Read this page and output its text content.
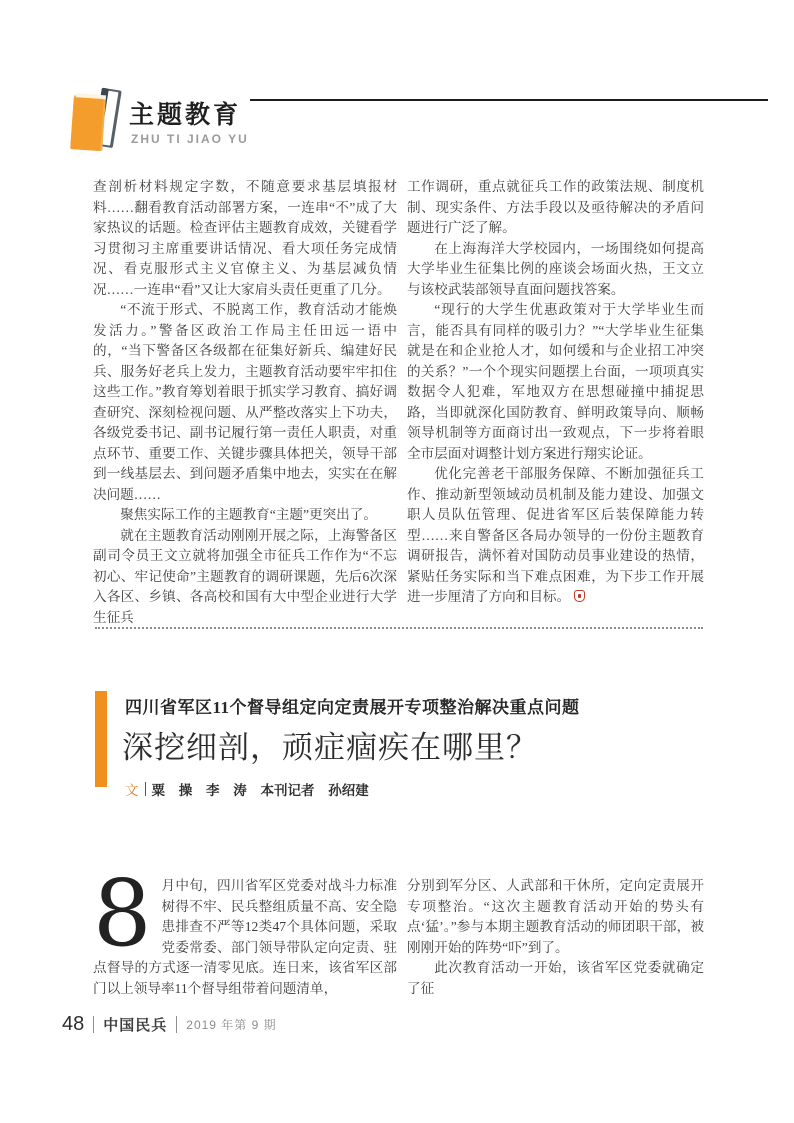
主题教育
ZHU TI JIAO YU

查剖析材料规定字数，不随意要求基层填报材料……翻看教育活动部署方案，一连串“不”成了大家热议的话题。检查评估主题教育成效，关键看学习贯彻习主席重要讲话情况、看大项任务完成情况、看克服形式主义官僚主义、为基层减负情况……一连串“看”又让大家肩头责任更重了几分。

“不流于形式、不脱离工作，教育活动才能焕发活力。”警备区政治工作局主任田远一语中的，“当下警备区各级都在征集好新兵、编建好民兵、服务好老兵上发力，主题教育活动要牢牢扣住这些工作。”教育筹划着眼于抓实学习教育、搞好调查研究、深刻检视问题、从严整改落实上下功夫，各级党委书记、副书记履行第一责任人职责，对重点环节、重要工作、关键步骤具体把关，领导干部到一线基层去、到问题矛盾集中地去，实实在在解决问题……

聚焦实际工作的主题教育“主题”更突出了。

就在主题教育活动刚刚开展之际，上海警备区副司令员王文立就将加强全市征兵工作作为“不忘初心、牢记使命”主题教育的调研课题，先后6次深入各区、乡镇、各高校和国有大中型企业进行大学生征兵

工作调研，重点就征兵工作的政策法规、制度机制、现实条件、方法手段以及亟待解决的矛盾问题进行广泛了解。

在上海海洋大学校园内，一场围绕如何提高大学毕业生征集比例的座谈会场面火热，王文立与该校武装部领导直面问题找答案。

“现行的大学生优惠政策对于大学毕业生而言，能否具有同样的吸引力？”“大学毕业生征集就是在和企业抢人才，如何缓和与企业招工冲突的关系？”一个个现实问题摆上台面，一项项真实数据令人犯难，军地双方在思想碰撞中捕捉思路，当即就深化国防教育、鲜明政策导向、顺畅领导机制等方面商讨出一致观点，下一步将着眼全市层面对调整计划方案进行翔实论证。

优化完善老干部服务保障、不断加强征兵工作、推动新型领域动员机制及能力建设、加强文职人员队伍管理、促进省军区后装保障能力转型……来自警备区各局办领导的一份份主题教育调研报告，满怀着对国防动员事业建设的热情，紧贴任务实际和当下难点困难，为下步工作开展进一步厘清了方向和目标。

四川省军区11个督导组定向定责展开专项整治解决重点问题
深挖细剖，顽症痼疾在哪里？
文 粟 操 李 涛 本刊记者 孙绍建

8 月中旬，四川省军区党委对战斗力标准树得不牢、民兵整组质量不高、安全隐患排查不严等12类47个具体问题，采取党委常委、部门领导带队定向定责、驻点督导的方式逐一清零见底。连日来，该省军区部门以上领导率11个督导组带着问题清单，

分别到军分区、人武部和干休所，定向定责展开专项整治。“这次主题教育活动开始的势头有点‘猛’。”参与本期主题教育活动的师团职干部，被刚刚开始的阵势“吓”到了。

此次教育活动一开始，该省军区党委就确定了征

48 中国民兵 2019 年第 9 期
